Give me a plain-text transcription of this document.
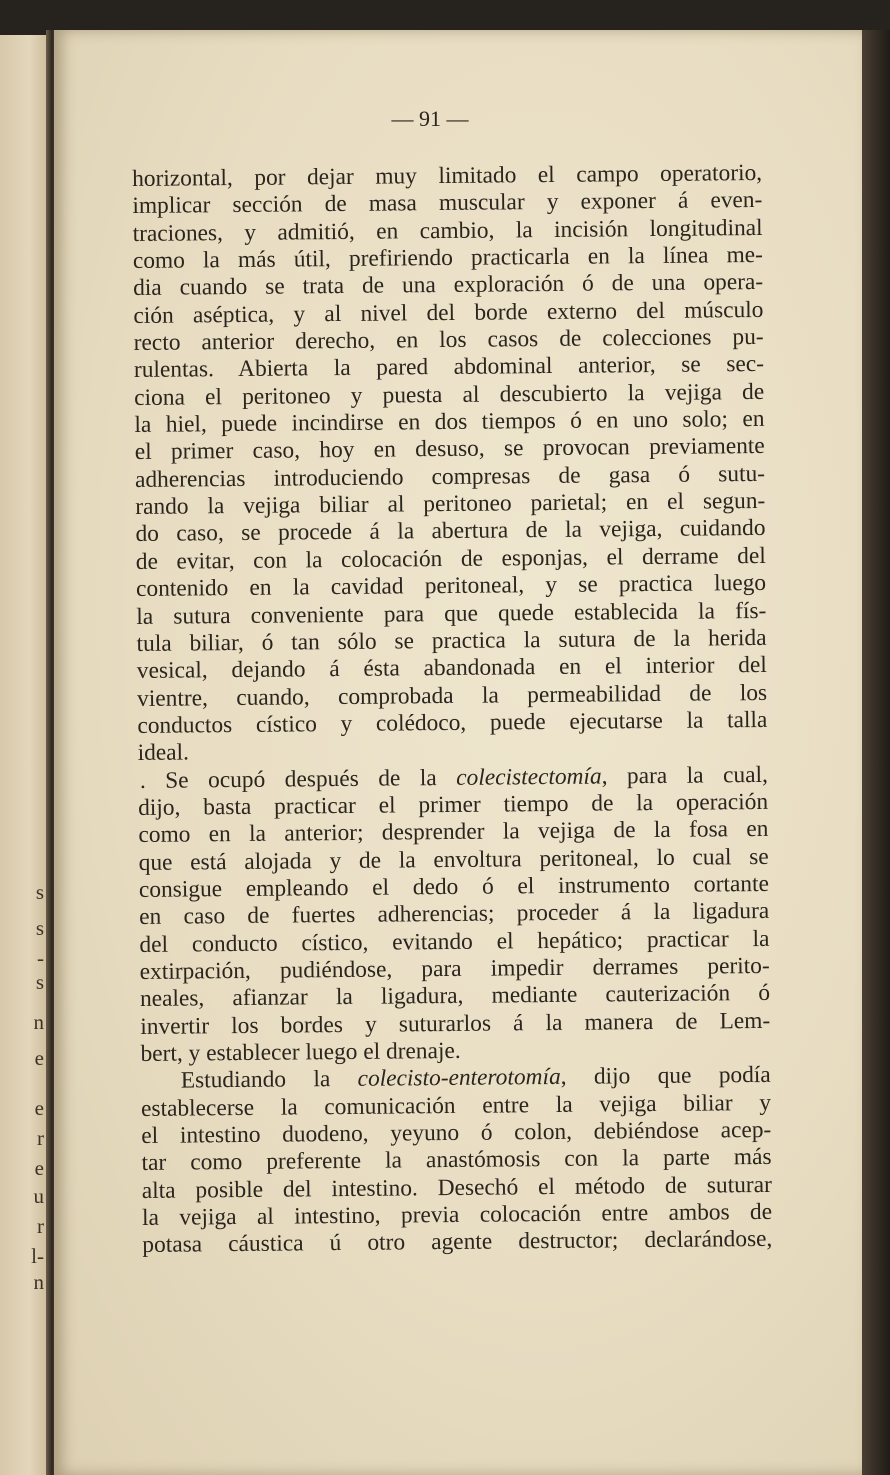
s
s
-
s
n
e
e
r
e
u
r
l-
n
— 91 —
horizontal, por dejar muy limitado el campo operatorio,
implicar sección de masa muscular y exponer á even-
traciones, y admitió, en cambio, la incisión longitudinal
como la más útil, prefiriendo practicarla en la línea me-
dia cuando se trata de una exploración ó de una opera-
ción aséptica, y al nivel del borde externo del músculo
recto anterior derecho, en los casos de colecciones pu-
rulentas. Abierta la pared abdominal anterior, se sec-
ciona el peritoneo y puesta al descubierto la vejiga de
la hiel, puede incindirse en dos tiempos ó en uno solo; en
el primer caso, hoy en desuso, se provocan previamente
adherencias introduciendo compresas de gasa ó sutu-
rando la vejiga biliar al peritoneo parietal; en el segun-
do caso, se procede á la abertura de la vejiga, cuidando
de evitar, con la colocación de esponjas, el derrame del
contenido en la cavidad peritoneal, y se practica luego
la sutura conveniente para que quede establecida la fís-
tula biliar, ó tan sólo se practica la sutura de la herida
vesical, dejando á ésta abandonada en el interior del
vientre, cuando, comprobada la permeabilidad de los
conductos cístico y colédoco, puede ejecutarse la talla
ideal.
. Se ocupó después de la colecistectomía, para la cual,
dijo, basta practicar el primer tiempo de la operación
como en la anterior; desprender la vejiga de la fosa en
que está alojada y de la envoltura peritoneal, lo cual se
consigue empleando el dedo ó el instrumento cortante
en caso de fuertes adherencias; proceder á la ligadura
del conducto cístico, evitando el hepático; practicar la
extirpación, pudiéndose, para impedir derrames perito-
neales, afianzar la ligadura, mediante cauterización ó
invertir los bordes y suturarlos á la manera de Lem-
bert, y establecer luego el drenaje.
Estudiando la colecisto-enterotomía, dijo que podía
establecerse la comunicación entre la vejiga biliar y
el intestino duodeno, yeyuno ó colon, debiéndose acep-
tar como preferente la anastómosis con la parte más
alta posible del intestino. Desechó el método de suturar
la vejiga al intestino, previa colocación entre ambos de
potasa cáustica ú otro agente destructor; declarándose,
